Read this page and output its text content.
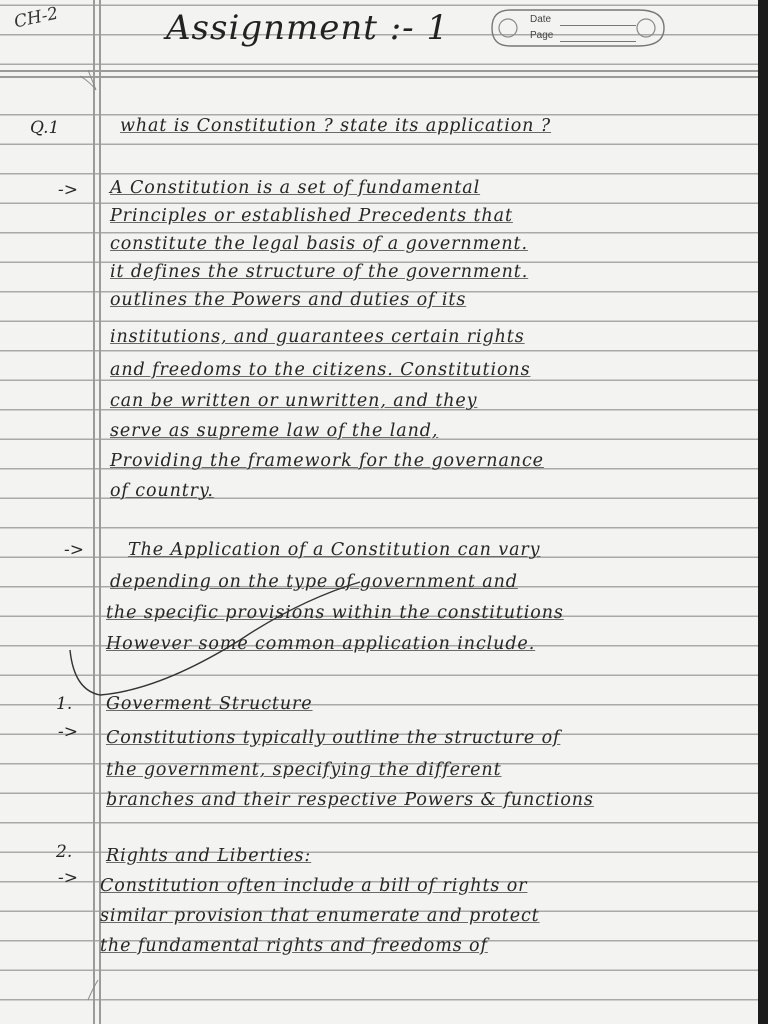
CH-2	Assignment :- 1	Date
Page
Q.1	what is Constitution ? state its application ?
-> A Constitution is a set of fundamental
Principles or established Precedents that
constitute the legal basis of a government.
it defines the structure of the government.
outlines the Powers and duties of its
institutions, and guarantees certain rights
and freedoms to the citizens. Constitutions
can be written or unwritten, and they
serve as supreme law of the land,
Providing the framework for the governance
of country.
->	The Application of a Constitution can vary
depending on the type of government and
the specific provisions within the constitutions
However some common application include.
1. Goverment Structure
-> Constitutions typically outline the structure of
the government, specifying the different
branches and their respective Powers & functions
2. Rights and Liberties:
-> Constitution often include a bill of rights or
similar provision that enumerate and protect
the fundamental rights and freedoms of
